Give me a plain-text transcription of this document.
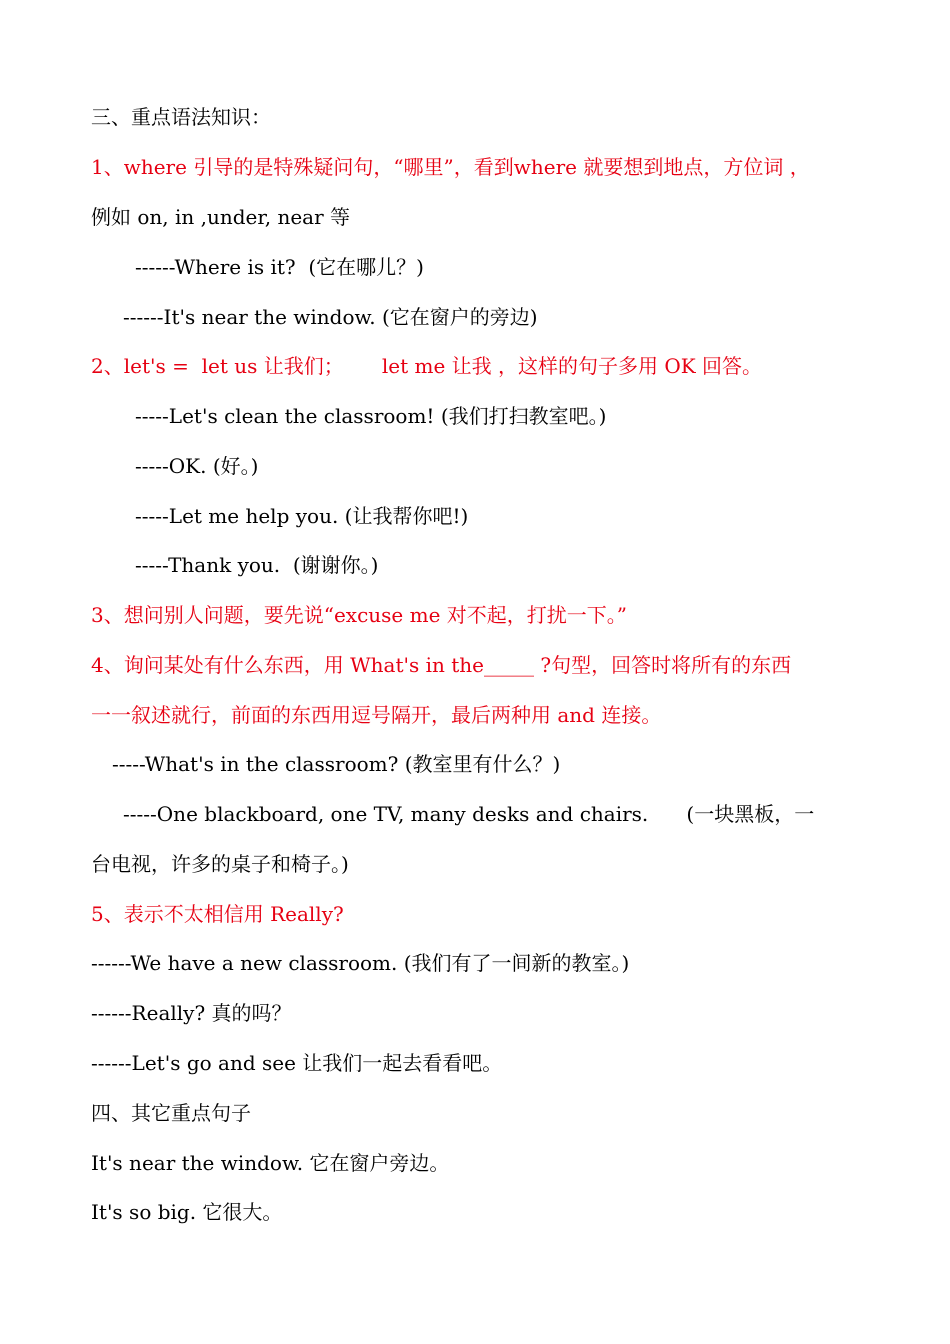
三、重点语法知识：
1、where 引导的是特殊疑问句，“哪里”，看到where 就要想到地点，方位词 ，
例如 on, in ,under, near 等
------Where is it?  (它在哪儿？)
------It's near the window. (它在窗户的旁边)
2、let's =  let us 让我们；      let me 让我 ，这样的句子多用 OK 回答。
-----Let's clean the classroom! (我们打扫教室吧。)
-----OK. (好。)
-----Let me help you. (让我帮你吧!)
-----Thank you.  (谢谢你。)
3、想问别人问题，要先说“excuse me 对不起，打扰一下。”
4、询问某处有什么东西，用 What's in the_____ ?句型，回答时将所有的东西
一一叙述就行，前面的东西用逗号隔开，最后两种用 and 连接。
-----What's in the classroom? (教室里有什么？)
-----One blackboard, one TV, many desks and chairs.      (一块黑板，一
台电视，许多的桌子和椅子。)
5、表示不太相信用 Really?
------We have a new classroom. (我们有了一间新的教室。)
------Really? 真的吗？
------Let's go and see 让我们一起去看看吧。
四、其它重点句子
It's near the window. 它在窗户旁边。
It's so big. 它很大。
